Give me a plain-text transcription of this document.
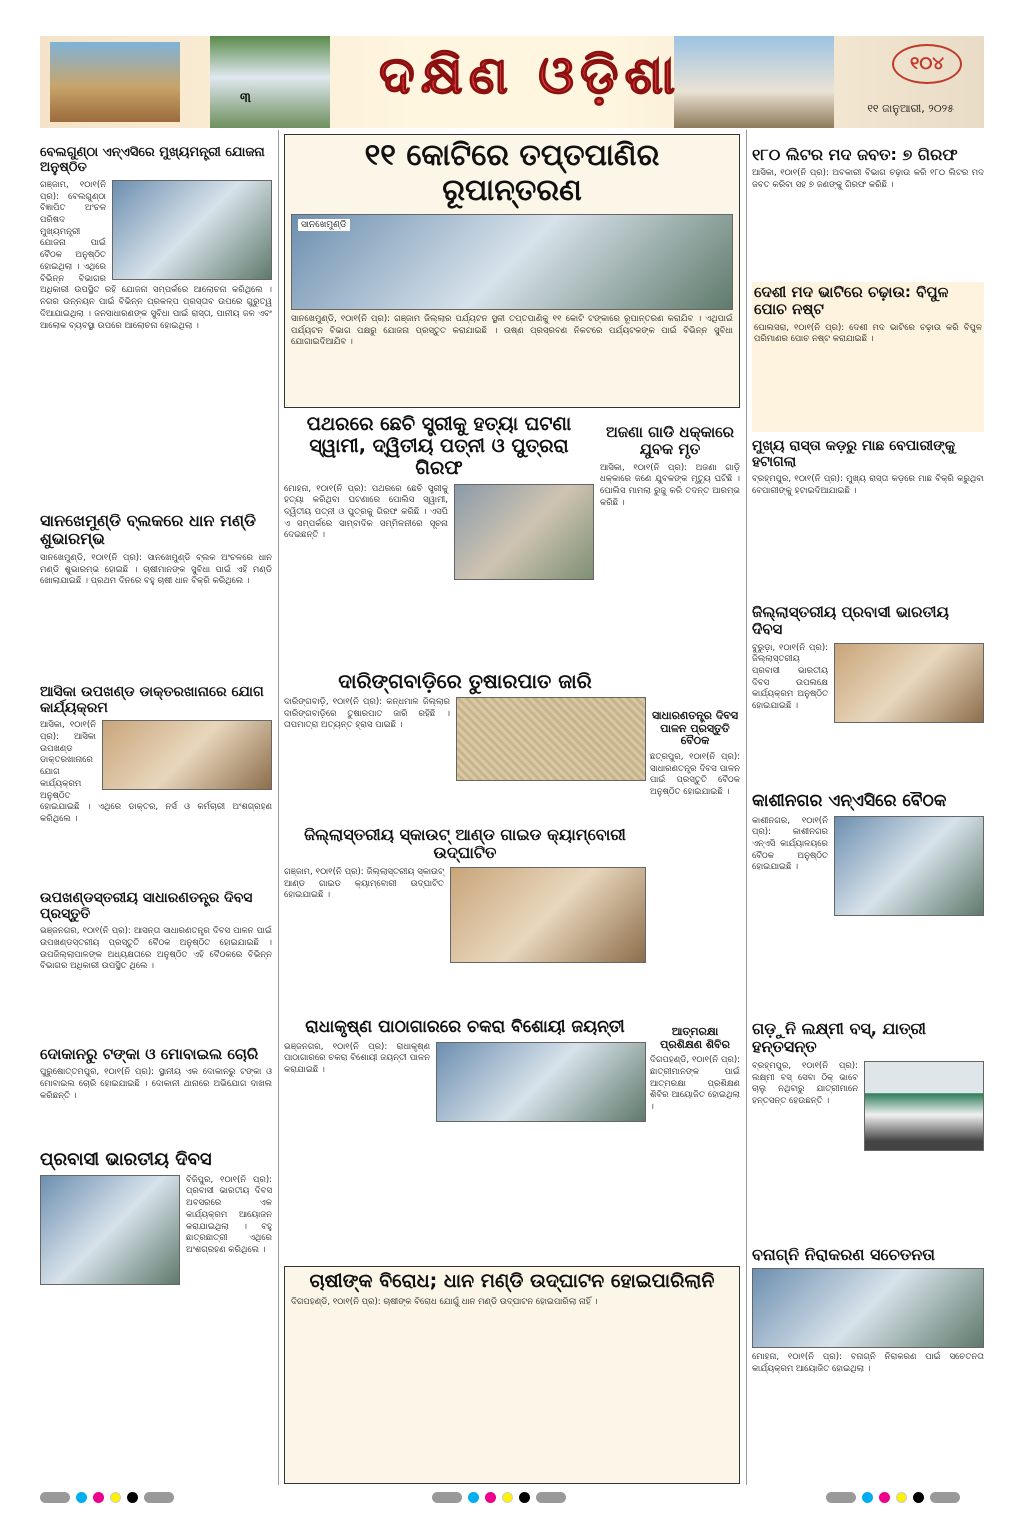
୩	ଦକ୍ଷିଣ ଓଡ଼ିଶା	୧୦୪
୧୧ ଜାନୁଆରୀ, ୨୦୨୫
ବେଲଗୁଣ୍ଠା ଏନ୍‌ଏସିରେ ମୁଖ୍ୟମନ୍ତ୍ରୀ ଯୋଜନା ଅନୁଷ୍ଠିତ

ଗଞ୍ଜାମ, ୧୦ା୧(ନି ପ୍ର): ବେଲଗୁଣ୍ଠା ବିଜ୍ଞାପିତ ଅଂଚଳ ପରିଷଦ ମୁଖ୍ୟମନ୍ତ୍ରୀ ଯୋଜନା ପାଇଁ ବୈଠକ ଅନୁଷ୍ଠିତ ହୋଇଥିଲା । ଏଥିରେ ବିଭିନ୍ନ ବିଭାଗର ଅଧିକାରୀ ଉପସ୍ଥିତ ରହି ଯୋଜନା ସମ୍ପର୍କରେ ଆଲୋଚନା କରିଥିଲେ । ନଗର ଉନ୍ନୟନ ପାଇଁ ବିଭିନ୍ନ ପ୍ରକଳ୍ପ ପ୍ରସ୍ତାବ ଉପରେ ଗୁରୁତ୍ୱ ଦିଆଯାଇଥିଲା । ଜନସାଧାରଣଙ୍କ ସୁବିଧା ପାଇଁ ରାସ୍ତା, ପାନୀୟ ଜଳ ଏବଂ ଆଲୋକ ବ୍ୟବସ୍ଥା ଉପରେ ଆଲୋଚନା ହୋଇଥିଲା ।

ସାନଖେମୁଣ୍ଡି ବ୍ଲକରେ ଧାନ ମଣ୍ଡି ଶୁଭାରମ୍ଭ

ସାନଖେମୁଣ୍ଡି, ୧୦ା୧(ନି ପ୍ର): ସାନଖେମୁଣ୍ଡି ବ୍ଲକ ଅଂଚଳରେ ଧାନ ମଣ୍ଡି ଶୁଭାରମ୍ଭ ହୋଇଛି । ଚାଷୀମାନଙ୍କ ସୁବିଧା ପାଇଁ ଏହି ମଣ୍ଡି ଖୋଲାଯାଇଛି । ପ୍ରଥମ ଦିନରେ ବହୁ ଚାଷୀ ଧାନ ବିକ୍ରି କରିଥିଲେ ।

ଆସିକା ଉପଖଣ୍ଡ ଡାକ୍ତରଖାନାରେ ଯୋଗ କାର୍ଯ୍ୟକ୍ରମ

ଆସିକା, ୧୦ା୧(ନି ପ୍ର): ଆସିକା ଉପଖଣ୍ଡ ଡାକ୍ତରଖାନାରେ ଯୋଗ କାର୍ଯ୍ୟକ୍ରମ ଅନୁଷ୍ଠିତ ହୋଇଯାଇଛି । ଏଥିରେ ଡାକ୍ତର, ନର୍ସ ଓ କର୍ମଚାରୀ ଅଂଶଗ୍ରହଣ କରିଥିଲେ ।

ଉପଖଣ୍ଡସ୍ତରୀୟ ସାଧାରଣତନ୍ତ୍ର ଦିବସ ପ୍ରସ୍ତୁତି

ଭଞ୍ଜନଗର, ୧୦ା୧(ନି ପ୍ର): ଆସନ୍ତା ସାଧାରଣତନ୍ତ୍ର ଦିବସ ପାଳନ ପାଇଁ ଉପଖଣ୍ଡସ୍ତରୀୟ ପ୍ରସ୍ତୁତି ବୈଠକ ଅନୁଷ୍ଠିତ ହୋଇଯାଇଛି । ଉପଜିଲ୍ଲାପାଳଙ୍କ ଅଧ୍ୟକ୍ଷତାରେ ଅନୁଷ୍ଠିତ ଏହି ବୈଠକରେ ବିଭିନ୍ନ ବିଭାଗର ଅଧିକାରୀ ଉପସ୍ଥିତ ଥିଲେ ।

ଦୋକାନରୁ ଟଙ୍କା ଓ ମୋବାଇଲ ଚୋରି

ପୁରୁଷୋତ୍ତମପୁର, ୧୦ା୧(ନି ପ୍ର): ସ୍ଥାନୀୟ ଏକ ଦୋକାନରୁ ଟଙ୍କା ଓ ମୋବାଇଲ ଚୋରି ହୋଇଯାଇଛି । ଦୋକାନୀ ଥାନାରେ ଅଭିଯୋଗ ଦାଖଲ କରିଛନ୍ତି ।

ପ୍ରବାସୀ ଭାରତୀୟ ଦିବସ

ବିଜିପୁର, ୧୦ା୧(ନି ପ୍ର): ପ୍ରବାସୀ ଭାରତୀୟ ଦିବସ ଅବସରରେ ଏକ କାର୍ଯ୍ୟକ୍ରମ ଆୟୋଜନ କରାଯାଇଥିଲା । ବହୁ ଛାତ୍ରଛାତ୍ରୀ ଏଥିରେ ଅଂଶଗ୍ରହଣ କରିଥିଲେ ।

୧୧ କୋଟିରେ ତପ୍ତପାଣିର ରୂପାନ୍ତରଣ
ସାନଖେମୁଣ୍ଡି

ସାନଖେମୁଣ୍ଡି, ୧୦ା୧(ନି ପ୍ର): ଗଞ୍ଜାମ ଜିଲ୍ଲାର ପର୍ଯ୍ୟଟନ ସ୍ଥଳୀ ତପ୍ତପାଣିକୁ ୧୧ କୋଟି ଟଙ୍କାରେ ରୂପାନ୍ତରଣ କରାଯିବ । ଏଥିପାଇଁ ପର୍ଯ୍ୟଟନ ବିଭାଗ ପକ୍ଷରୁ ଯୋଜନା ପ୍ରସ୍ତୁତ କରାଯାଇଛି । ଉଷ୍ଣ ପ୍ରସ୍ରବଣ ନିକଟରେ ପର୍ଯ୍ୟଟକଙ୍କ ପାଇଁ ବିଭିନ୍ନ ସୁବିଧା ଯୋଗାଇଦିଆଯିବ ।

ପଥରରେ ଛେଚି ସ୍ତ୍ରୀକୁ ହତ୍ୟା ଘଟଣା ସ୍ୱାମୀ, ଦ୍ୱିତୀୟ ପତ୍ନୀ ଓ ପୁତ୍ରରା ଗିରଫ

ମୋହନା, ୧୦ା୧(ନି ପ୍ର): ପଥରରେ ଛେଚି ସ୍ତ୍ରୀକୁ ହତ୍ୟା କରିଥିବା ଘଟଣାରେ ପୋଲିସ ସ୍ୱାମୀ, ଦ୍ୱିତୀୟ ପତ୍ନୀ ଓ ପୁତ୍ରକୁ ଗିରଫ କରିଛି । ଏସପି ଏ ସମ୍ପର୍କରେ ସାମ୍ବାଦିକ ସମ୍ମିଳନୀରେ ସୂଚନା ଦେଇଛନ୍ତି ।

ଅଜଣା ଗାଡି ଧକ୍କାରେ ଯୁବକ ମୃତ

ଆସିକା, ୧୦ା୧(ନି ପ୍ର): ଅଜଣା ଗାଡ଼ି ଧକ୍କାରେ ଜଣେ ଯୁବକଙ୍କ ମୃତ୍ୟୁ ଘଟିଛି । ପୋଲିସ ମାମଲା ରୁଜୁ କରି ତଦନ୍ତ ଆରମ୍ଭ କରିଛି ।

ଦାରିଙ୍ଗବାଡ଼ିରେ ତୁଷାରପାତ ଜାରି

ଦାରିଙ୍ଗବାଡ଼ି, ୧୦ା୧(ନି ପ୍ର): କନ୍ଧମାଳ ଜିଲ୍ଲାର ଦାରିଙ୍ଗବାଡ଼ିରେ ତୁଷାରପାତ ଜାରି ରହିଛି । ତାପମାତ୍ରା ଅତ୍ୟନ୍ତ ହ୍ରାସ ପାଇଛି ।

ସାଧାରଣତନ୍ତ୍ର ଦିବସ ପାଳନ ପ୍ରସ୍ତୁତି ବୈଠକ

ଛତ୍ରପୁର, ୧୦ା୧(ନି ପ୍ର): ସାଧାରଣତନ୍ତ୍ର ଦିବସ ପାଳନ ପାଇଁ ପ୍ରସ୍ତୁତି ବୈଠକ ଅନୁଷ୍ଠିତ ହୋଇଯାଇଛି ।

ଜିଲ୍ଲାସ୍ତରୀୟ ସ୍କାଉଟ୍ ଆଣ୍ଡ ଗାଇଡ କ୍ୟାମ୍ବୋରୀ ଉଦ୍‌ଘାଟିତ

ଗଞ୍ଜାମ, ୧୦ା୧(ନି ପ୍ର): ଜିଲ୍ଲାସ୍ତରୀୟ ସ୍କାଉଟ୍ ଆଣ୍ଡ ଗାଇଡ କ୍ୟାମ୍ବୋରୀ ଉଦ୍‌ଘାଟିତ ହୋଇଯାଇଛି ।

ରାଧାକୃଷ୍ଣ ପାଠାଗାରରେ ଚକରା ବିଶୋୟୀ ଜୟନ୍ତୀ

ଭଞ୍ଜନଗର, ୧୦ା୧(ନି ପ୍ର): ରାଧାକୃଷ୍ଣ ପାଠାଗାରରେ ଚକରା ବିଶୋୟୀ ଜୟନ୍ତୀ ପାଳନ କରାଯାଇଛି ।

ଆତ୍ମରକ୍ଷା ପ୍ରଶିକ୍ଷଣ ଶିବିର

ଦିଗପହଣ୍ଡି, ୧୦ା୧(ନି ପ୍ର): ଛାତ୍ରୀମାନଙ୍କ ପାଇଁ ଆତ୍ମରକ୍ଷା ପ୍ରଶିକ୍ଷଣ ଶିବିର ଆୟୋଜିତ ହୋଇଥିଲା ।

ଚାଷୀଙ୍କ ବିରୋଧ; ଧାନ ମଣ୍ଡି ଉଦ୍‌ଘାଟନ ହୋଇପାରିଲାନି

ଦିଗପହଣ୍ଡି, ୧୦ା୧(ନି ପ୍ର): ଚାଷୀଙ୍କ ବିରୋଧ ଯୋଗୁଁ ଧାନ ମଣ୍ଡି ଉଦ୍‌ଘାଟନ ହୋଇପାରିଲା ନାହିଁ ।

୧୮୦ ଲିଟର ମଦ ଜବତ: ୭ ଗିରଫ

ଆସିକା, ୧୦ା୧(ନି ପ୍ର): ଅବକାରୀ ବିଭାଗ ଚଢ଼ାଉ କରି ୧୮୦ ଲିଟର ମଦ ଜବତ କରିବା ସହ ୭ ଜଣଙ୍କୁ ଗିରଫ କରିଛି ।

ଦେଶୀ ମଦ ଭାଟିରେ ଚଢ଼ାଉ: ବିପୁଳ ପୋଚ ନଷ୍ଟ

ପୋଲସରା, ୧୦ା୧(ନି ପ୍ର): ଦେଶୀ ମଦ ଭାଟିରେ ଚଢ଼ାଉ କରି ବିପୁଳ ପରିମାଣର ପୋଚ ନଷ୍ଟ କରାଯାଇଛି ।

ମୁଖ୍ୟ ରାସ୍ତା କଡ଼ରୁ ମାଛ ବେପାରୀଙ୍କୁ ହଟାଗଲା

ବ୍ରହ୍ମପୁର, ୧୦ା୧(ନି ପ୍ର): ମୁଖ୍ୟ ରାସ୍ତା କଡ଼ରେ ମାଛ ବିକ୍ରି କରୁଥିବା ବେପାରୀଙ୍କୁ ହଟାଇଦିଆଯାଇଛି ।

ଜିଲ୍ଲାସ୍ତରୀୟ ପ୍ରବାସୀ ଭାରତୀୟ ଦିବସ

ବୁରୁଡ଼ା, ୧୦ା୧(ନି ପ୍ର): ଜିଲ୍ଲାସ୍ତରୀୟ ପ୍ରବାସୀ ଭାରତୀୟ ଦିବସ ଉପଲକ୍ଷେ କାର୍ଯ୍ୟକ୍ରମ ଅନୁଷ୍ଠିତ ହୋଇଯାଇଛି ।

କାଶୀନଗର ଏନ୍‌ଏସିରେ ବୈଠକ

କାଶୀନଗର, ୧୦ା୧(ନି ପ୍ର): କାଶୀନଗର ଏନ୍‌ଏସି କାର୍ଯ୍ୟାଳୟରେ ବୈଠକ ଅନୁଷ୍ଠିତ ହୋଇଯାଇଛି ।

ଗଡ଼ୁନି ଲକ୍ଷ୍ମୀ ବସ୍, ଯାତ୍ରୀ ହନ୍ତସନ୍ତ

ବ୍ରହ୍ମପୁର, ୧୦ା୧(ନି ପ୍ର): ଲକ୍ଷ୍ମୀ ବସ୍ ସେବା ଠିକ୍ ଭାବେ ଚାଲୁ ନଥିବାରୁ ଯାତ୍ରୀମାନେ ହନ୍ତସନ୍ତ ହେଉଛନ୍ତି ।

ବନାଗ୍ନି ନିରାକରଣ ସଚେତନତା

ମୋହନା, ୧୦ା୧(ନି ପ୍ର): ବନାଗ୍ନି ନିରାକରଣ ପାଇଁ ସଚେତନତା କାର୍ଯ୍ୟକ୍ରମ ଆୟୋଜିତ ହୋଇଥିଲା ।
